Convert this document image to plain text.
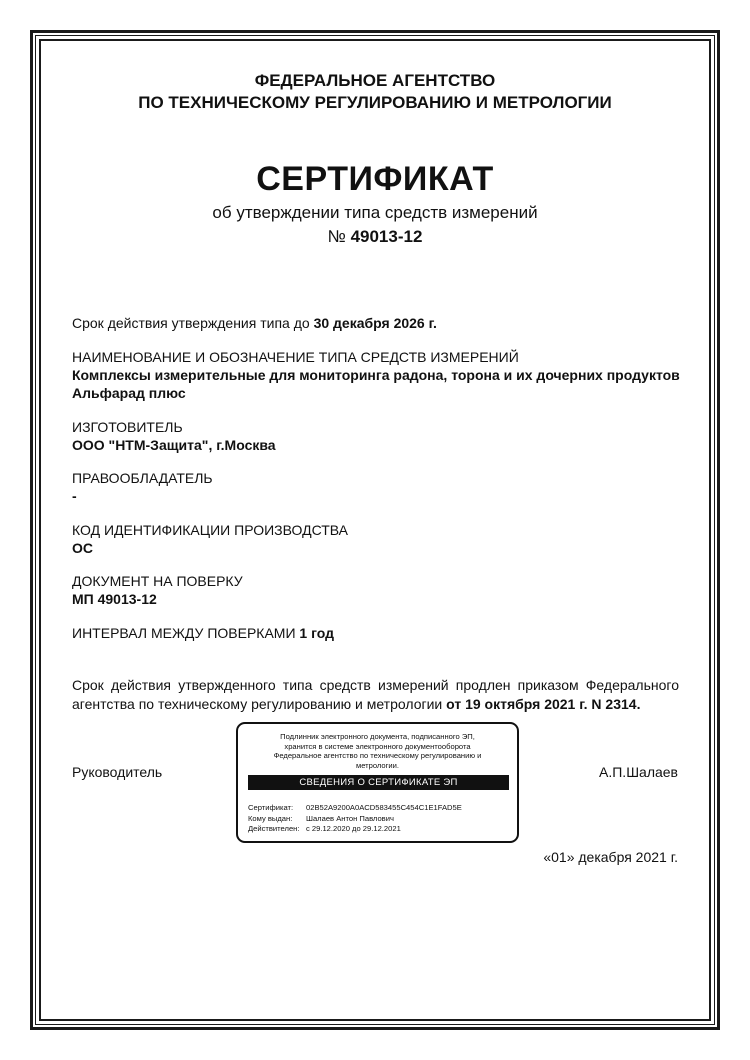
ФЕДЕРАЛЬНОЕ АГЕНТСТВО
ПО ТЕХНИЧЕСКОМУ РЕГУЛИРОВАНИЮ И МЕТРОЛОГИИ
СЕРТИФИКАТ
об утверждении типа средств измерений
№ 49013-12
Срок действия утверждения типа до 30 декабря 2026 г.
НАИМЕНОВАНИЕ И ОБОЗНАЧЕНИЕ ТИПА СРЕДСТВ ИЗМЕРЕНИЙ
Комплексы измерительные для мониторинга радона, торона и их дочерних продуктов
Альфарад плюс
ИЗГОТОВИТЕЛЬ
ООО "НТМ-Защита", г.Москва
ПРАВООБЛАДАТЕЛЬ
-
КОД ИДЕНТИФИКАЦИИ ПРОИЗВОДСТВА
ОС
ДОКУМЕНТ НА ПОВЕРКУ
МП 49013-12
ИНТЕРВАЛ МЕЖДУ ПОВЕРКАМИ 1 год
Срок действия утвержденного типа средств измерений продлен приказом Федерального агентства по техническому регулированию и метрологии от 19 октября 2021 г. N 2314.
Руководитель	А.П.Шалаев
Подлинник электронного документа, подписанного ЭП,
хранится в системе электронного документооборота
Федеральное агентство по техническому регулированию и
метрологии.
СВЕДЕНИЯ О СЕРТИФИКАТЕ ЭП
Сертификат: 02B52A9200A0ACD583455C454C1E1FAD5E
Кому выдан: Шалаев Антон Павлович
Действителен: с 29.12.2020 до 29.12.2021
«01» декабря 2021 г.
